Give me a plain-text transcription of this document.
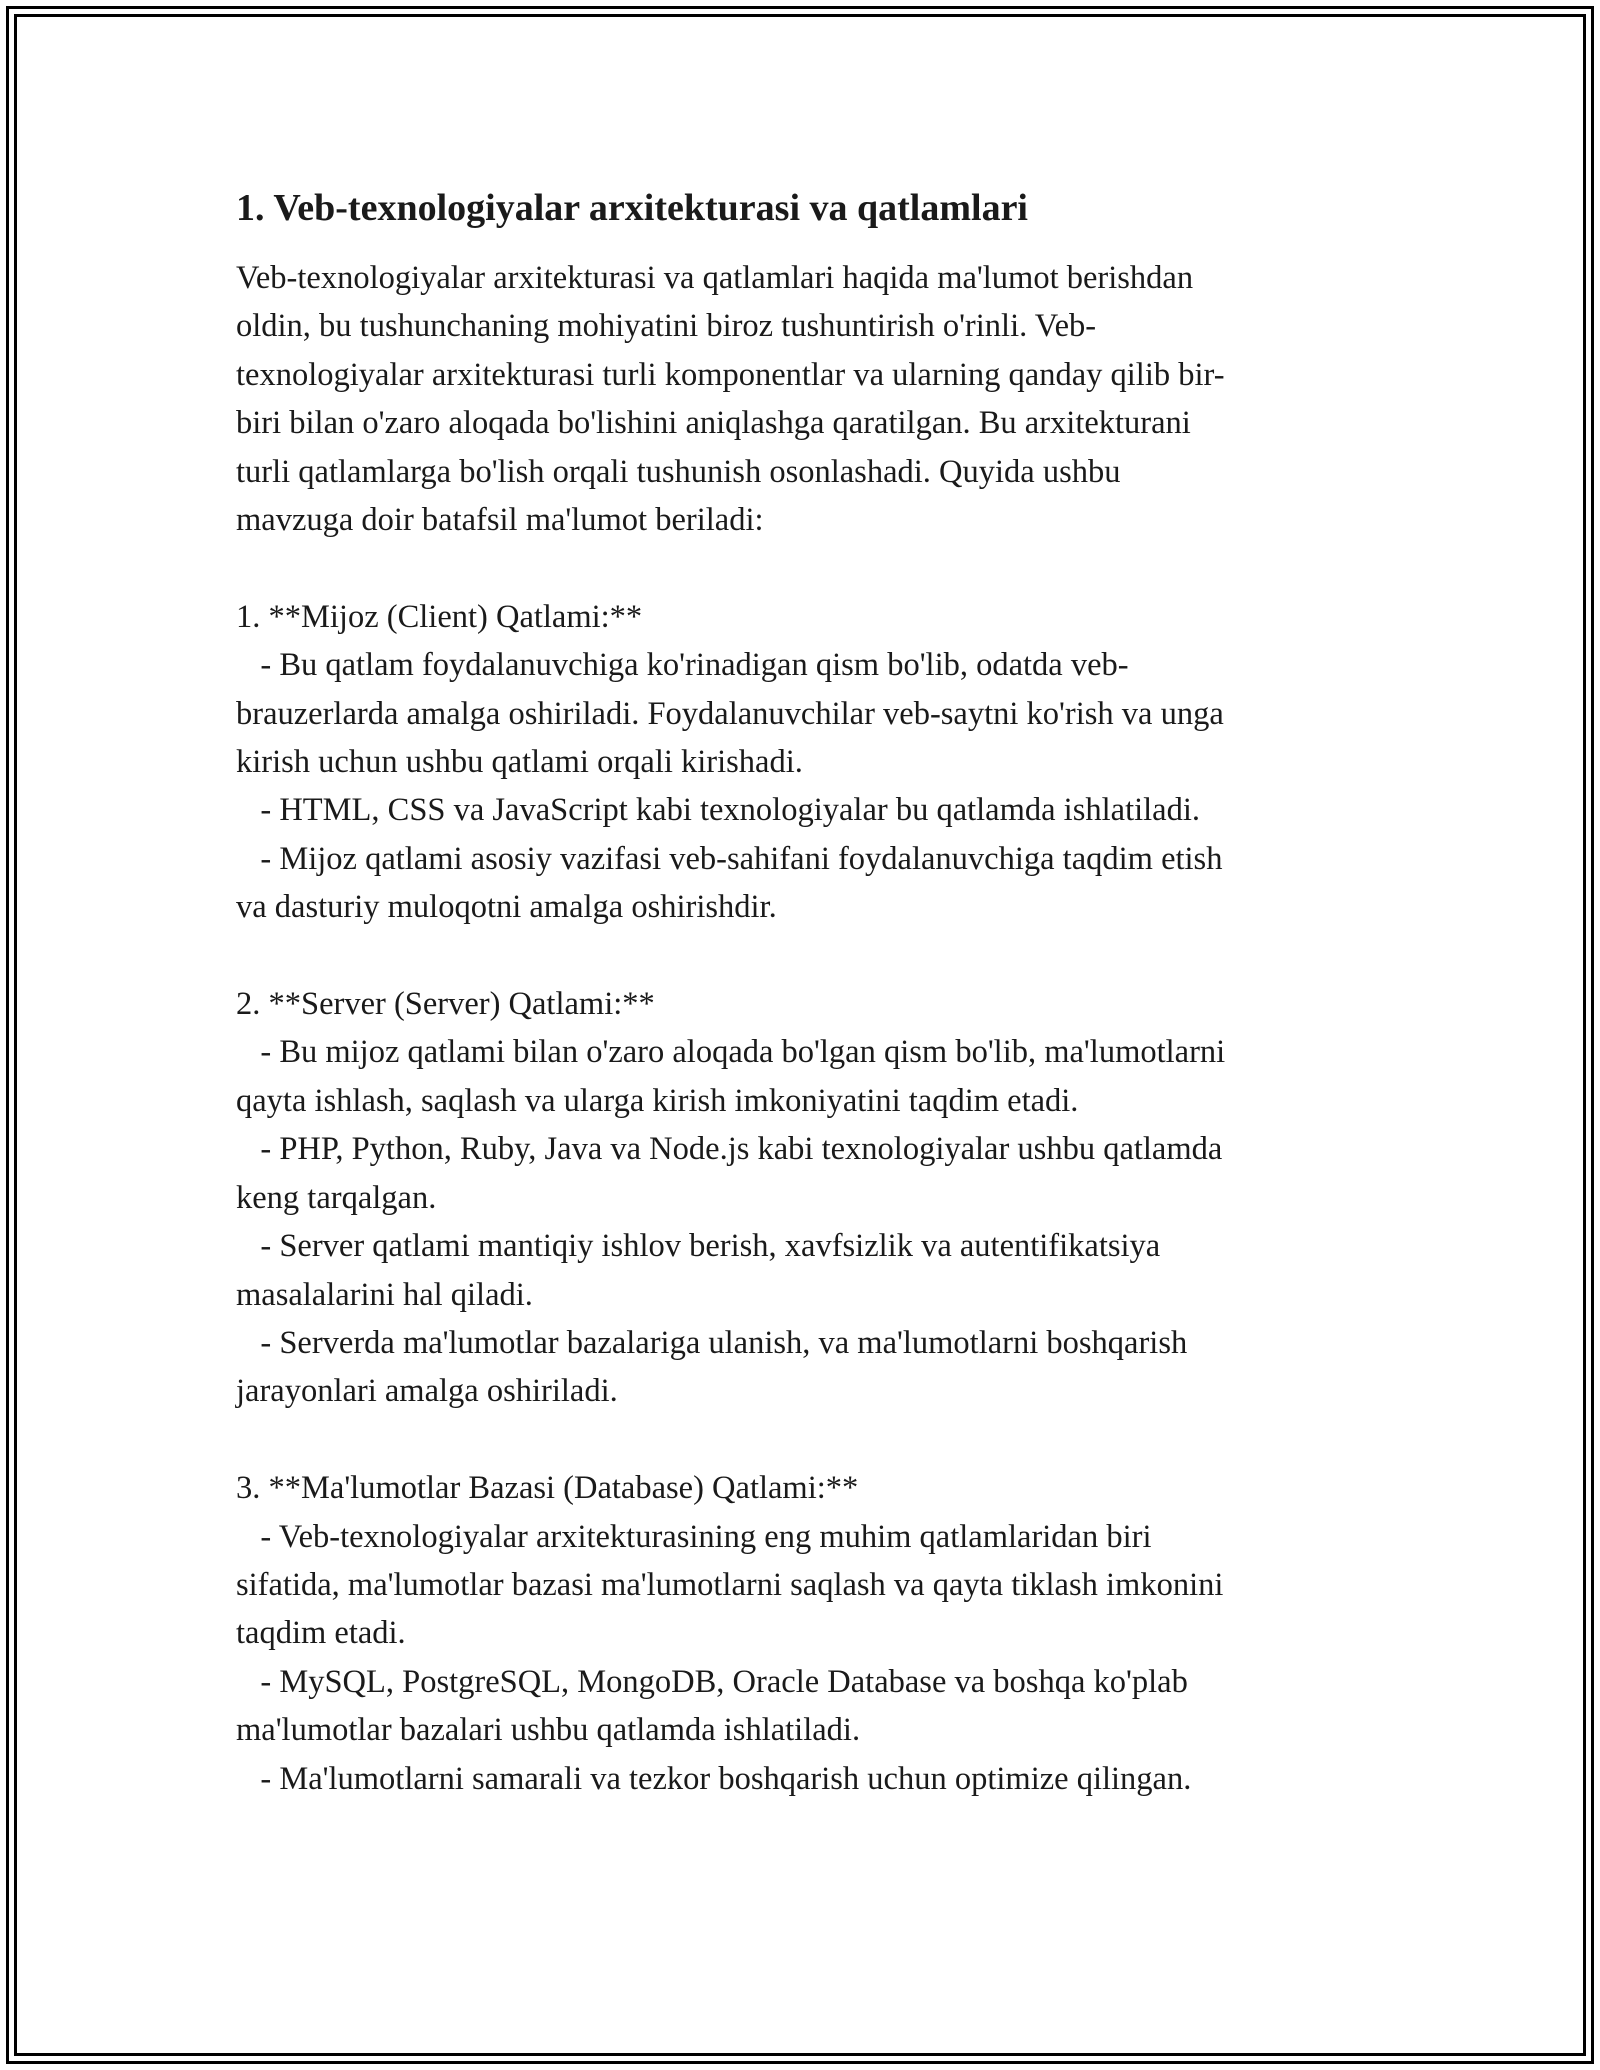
1. Veb-texnologiyalar arxitekturasi va qatlamlari

Veb-texnologiyalar arxitekturasi va qatlamlari haqida ma'lumot berishdan
oldin, bu tushunchaning mohiyatini biroz tushuntirish o'rinli. Veb-
texnologiyalar arxitekturasi turli komponentlar va ularning qanday qilib bir-
biri bilan o'zaro aloqada bo'lishini aniqlashga qaratilgan. Bu arxitekturani
turli qatlamlarga bo'lish orqali tushunish osonlashadi. Quyida ushbu
mavzuga doir batafsil ma'lumot beriladi:

1. **Mijoz (Client) Qatlami:**
- Bu qatlam foydalanuvchiga ko'rinadigan qism bo'lib, odatda veb-
brauzerlarda amalga oshiriladi. Foydalanuvchilar veb-saytni ko'rish va unga
kirish uchun ushbu qatlami orqali kirishadi.
- HTML, CSS va JavaScript kabi texnologiyalar bu qatlamda ishlatiladi.
- Mijoz qatlami asosiy vazifasi veb-sahifani foydalanuvchiga taqdim etish
va dasturiy muloqotni amalga oshirishdir.

2. **Server (Server) Qatlami:**
- Bu mijoz qatlami bilan o'zaro aloqada bo'lgan qism bo'lib, ma'lumotlarni
qayta ishlash, saqlash va ularga kirish imkoniyatini taqdim etadi.
- PHP, Python, Ruby, Java va Node.js kabi texnologiyalar ushbu qatlamda
keng tarqalgan.
- Server qatlami mantiqiy ishlov berish, xavfsizlik va autentifikatsiya
masalalarini hal qiladi.
- Serverda ma'lumotlar bazalariga ulanish, va ma'lumotlarni boshqarish
jarayonlari amalga oshiriladi.

3. **Ma'lumotlar Bazasi (Database) Qatlami:**
- Veb-texnologiyalar arxitekturasining eng muhim qatlamlaridan biri
sifatida, ma'lumotlar bazasi ma'lumotlarni saqlash va qayta tiklash imkonini
taqdim etadi.
- MySQL, PostgreSQL, MongoDB, Oracle Database va boshqa ko'plab
ma'lumotlar bazalari ushbu qatlamda ishlatiladi.
- Ma'lumotlarni samarali va tezkor boshqarish uchun optimize qilingan.
